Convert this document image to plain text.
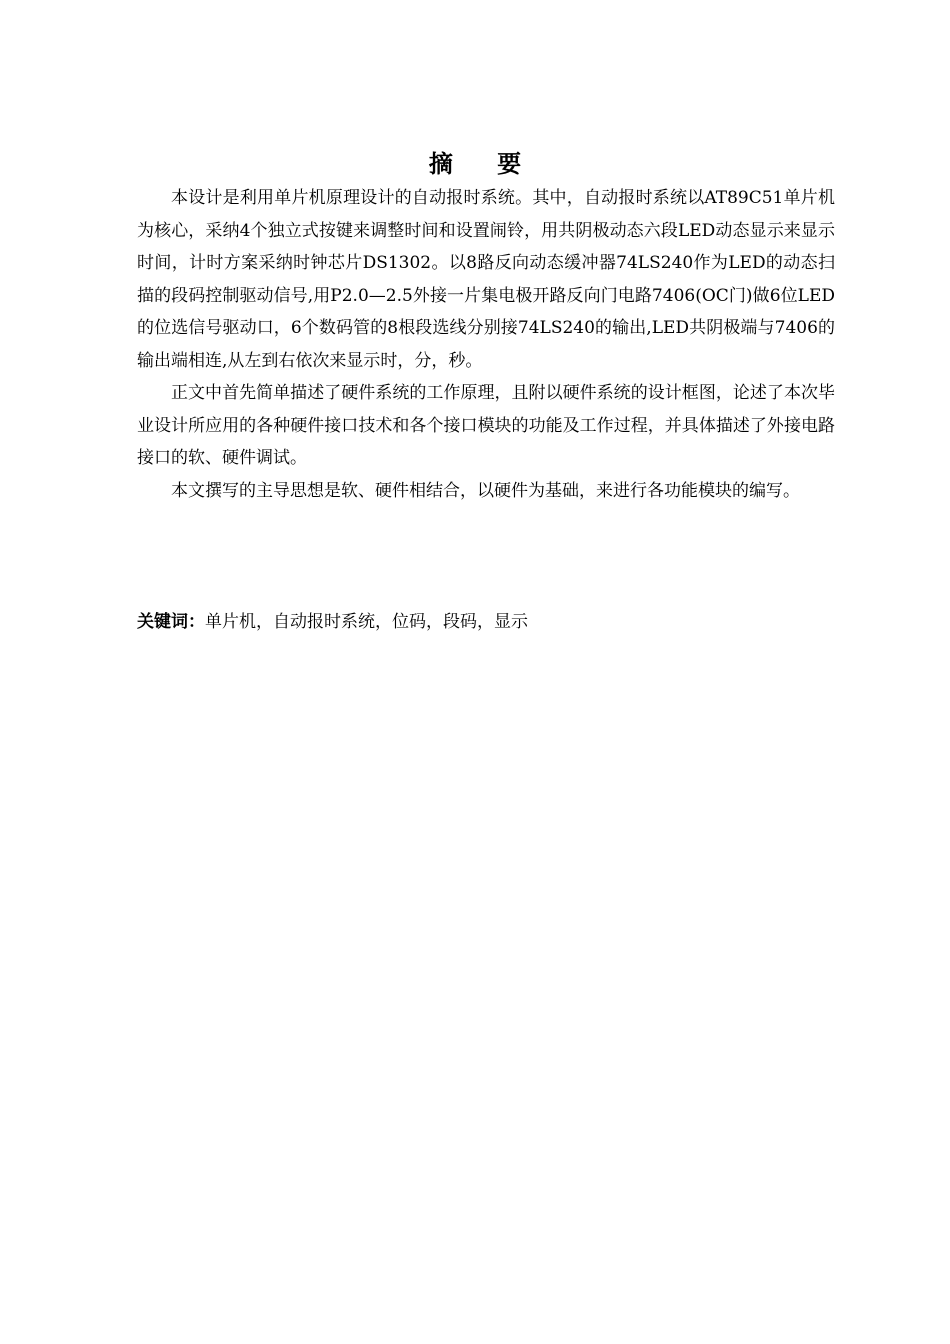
摘 要

本设计是利用单片机原理设计的自动报时系统。其中，自动报时系统以AT89C51单片机为核心，采纳4个独立式按键来调整时间和设置闹铃，用共阴极动态六段LED动态显示来显示时间，计时方案采纳时钟芯片DS1302。以8路反向动态缓冲器74LS240作为LED的动态扫描的段码控制驱动信号,用P2.0—2.5外接一片集电极开路反向门电路7406(OC门)做6位LED的位选信号驱动口，6个数码管的8根段选线分别接74LS240的输出,LED共阴极端与7406的输出端相连,从左到右依次来显示时，分，秒。

正文中首先简单描述了硬件系统的工作原理，且附以硬件系统的设计框图，论述了本次毕业设计所应用的各种硬件接口技术和各个接口模块的功能及工作过程，并具体描述了外接电路接口的软、硬件调试。

本文撰写的主导思想是软、硬件相结合，以硬件为基础，来进行各功能模块的编写。

关键词：单片机，自动报时系统，位码，段码，显示
